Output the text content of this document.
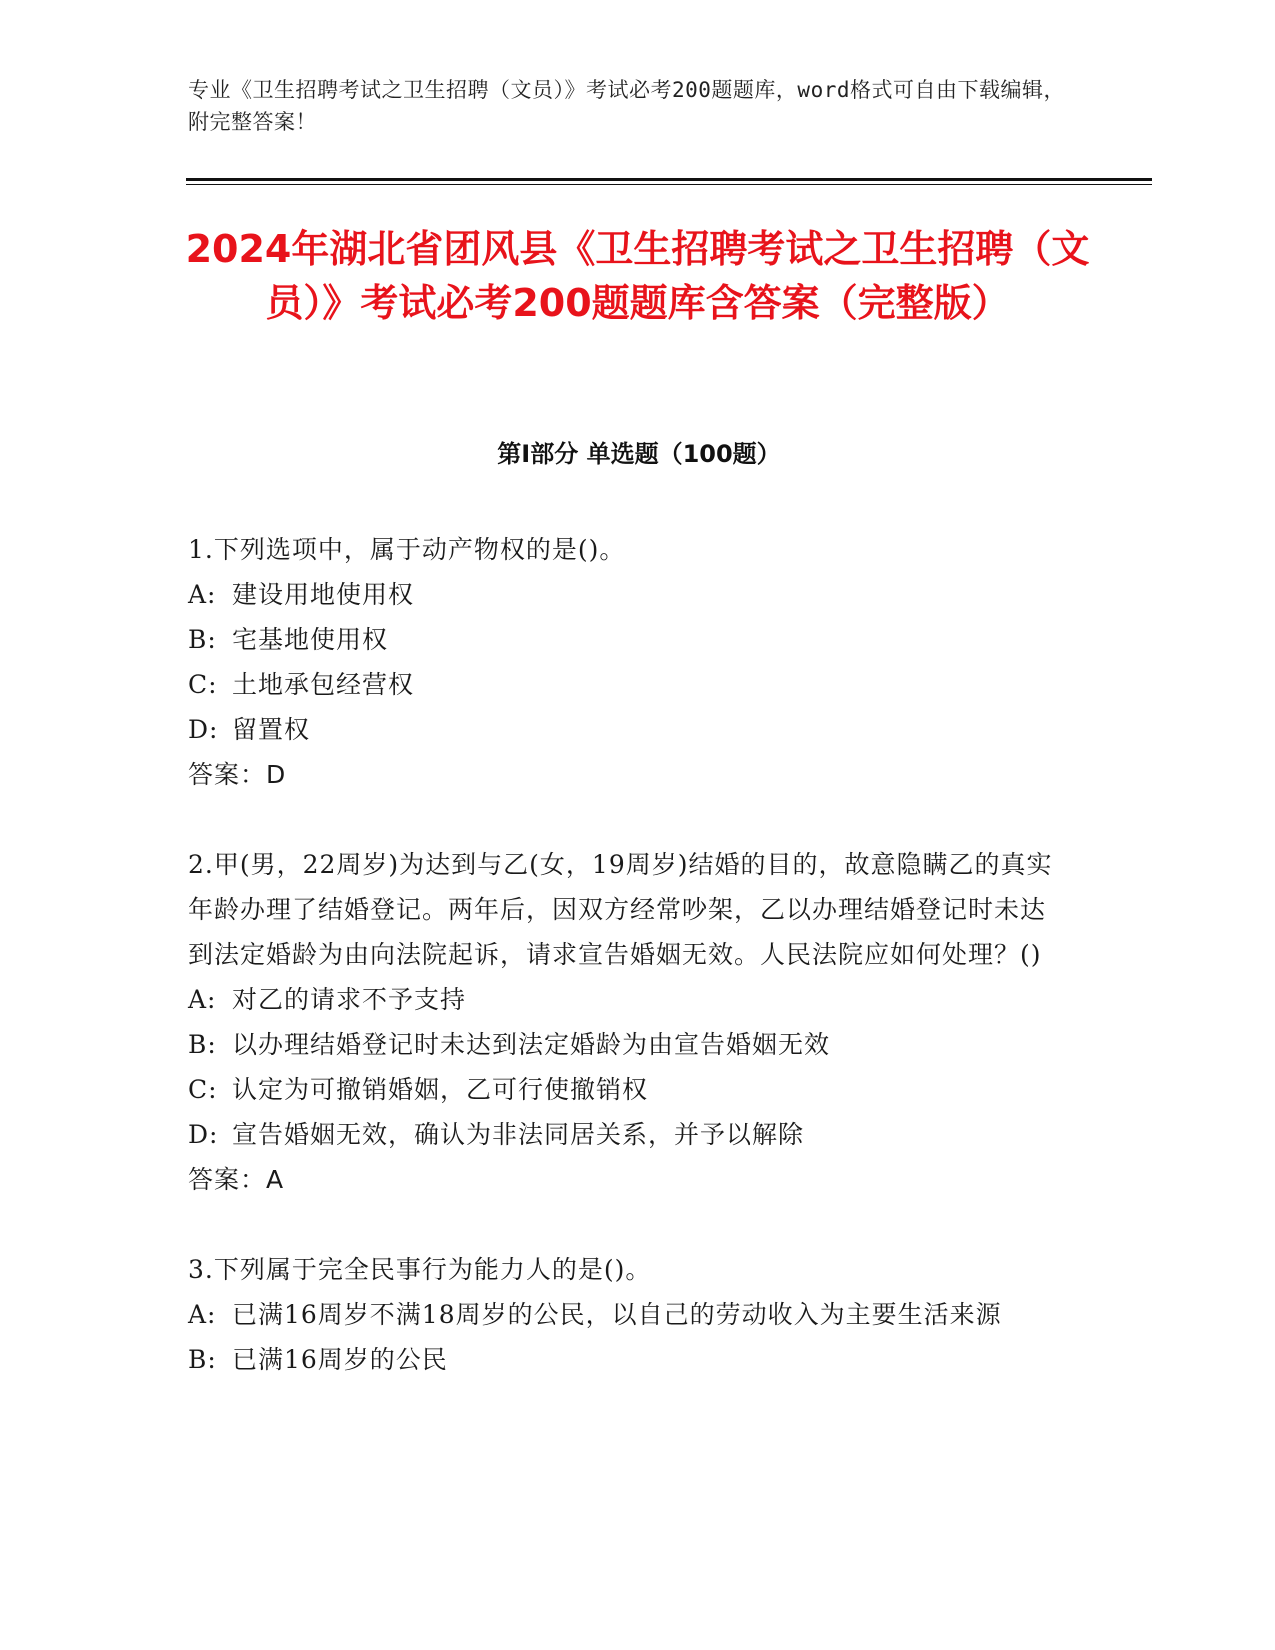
专业《卫生招聘考试之卫生招聘（文员）》考试必考200题题库，word格式可自由下载编辑，附完整答案！
2024年湖北省团风县《卫生招聘考试之卫生招聘（文员）》考试必考200题题库含答案（完整版）
第I部分 单选题（100题）
1.下列选项中，属于动产物权的是()。
A: 建设用地使用权
B: 宅基地使用权
C: 土地承包经营权
D: 留置权
答案：D
2.甲(男，22周岁)为达到与乙(女，19周岁)结婚的目的，故意隐瞒乙的真实年龄办理了结婚登记。两年后，因双方经常吵架，乙以办理结婚登记时未达到法定婚龄为由向法院起诉，请求宣告婚姻无效。人民法院应如何处理？()
A: 对乙的请求不予支持
B: 以办理结婚登记时未达到法定婚龄为由宣告婚姻无效
C: 认定为可撤销婚姻，乙可行使撤销权
D: 宣告婚姻无效，确认为非法同居关系，并予以解除
答案：A
3.下列属于完全民事行为能力人的是()。
A: 已满16周岁不满18周岁的公民，以自己的劳动收入为主要生活来源
B: 已满16周岁的公民
